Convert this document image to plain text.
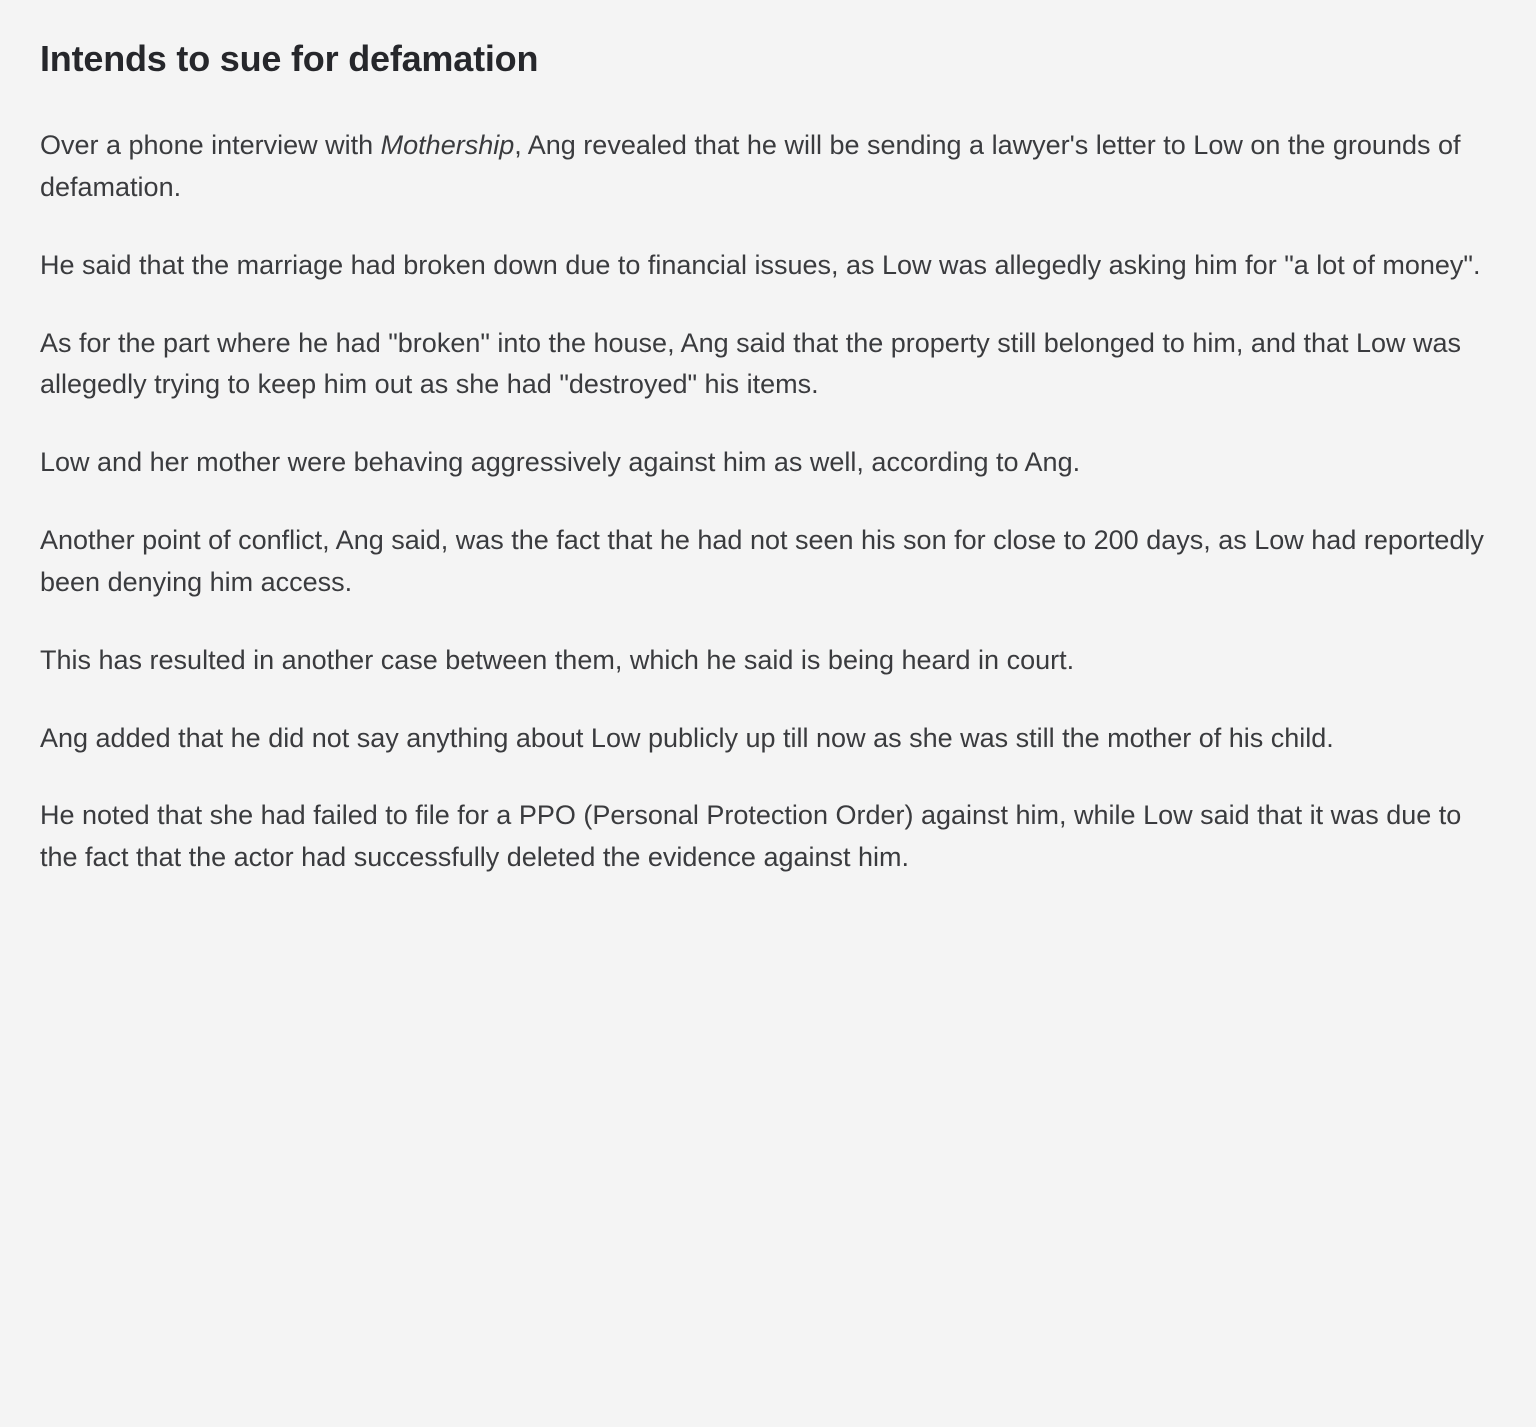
Intends to sue for defamation

Over a phone interview with Mothership, Ang revealed that he will be sending a lawyer's letter to Low on the grounds of defamation.

He said that the marriage had broken down due to financial issues, as Low was allegedly asking him for "a lot of money".

As for the part where he had "broken" into the house, Ang said that the property still belonged to him, and that Low was allegedly trying to keep him out as she had "destroyed" his items.

Low and her mother were behaving aggressively against him as well, according to Ang.

Another point of conflict, Ang said, was the fact that he had not seen his son for close to 200 days, as Low had reportedly been denying him access.

This has resulted in another case between them, which he said is being heard in court.

Ang added that he did not say anything about Low publicly up till now as she was still the mother of his child.

He noted that she had failed to file for a PPO (Personal Protection Order) against him, while Low said that it was due to the fact that the actor had successfully deleted the evidence against him.
